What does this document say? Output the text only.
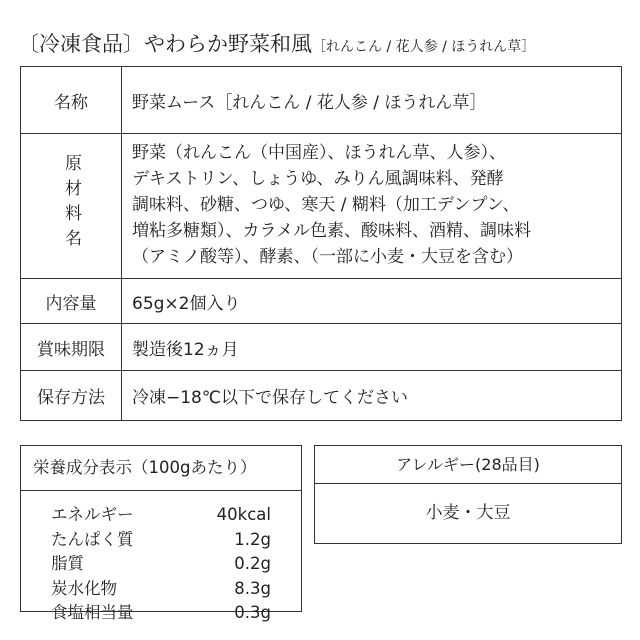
〔冷凍食品〕やわらか野菜和風［れんこん / 花人参 / ほうれん草］
名称	野菜ムース［れんこん / 花人参 / ほうれん草］
原材料名	野菜（れんこん（中国産）、ほうれん草、人参）、
デキストリン、しょうゆ、みりん風調味料、発酵
調味料、砂糖、つゆ、寒天 / 糊料（加工デンプン、
増粘多糖類）、カラメル色素、酸味料、酒精、調味料
（アミノ酸等）、酵素、（一部に小麦・大豆を含む）

内容量	65g×2個入り
賞味期限	製造後12ヵ月
保存方法	冷凍−18℃以下で保存してください
栄養成分表示（100gあたり）
エネルギー	40kcal
たんぱく質	1.2g
脂質	0.2g
炭水化物	8.3g
食塩相当量	0.3g
アレルギー(28品目)
小麦・大豆
